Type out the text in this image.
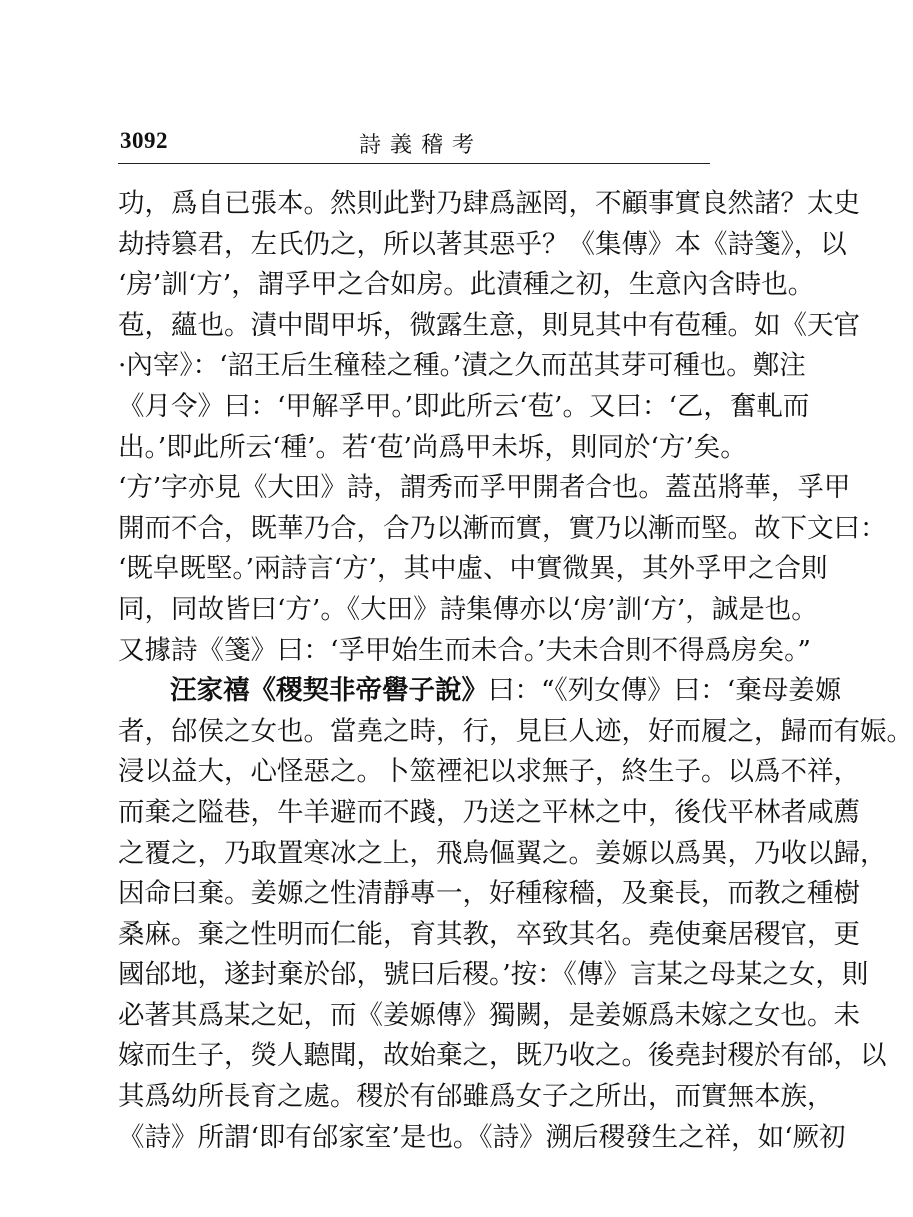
3092	詩義稽考
功，爲自已張本。然則此對乃肆爲誣罔，不顧事實良然諸？太史
劫持篡君，左氏仍之，所以著其惡乎？《集傳》本《詩箋》，以
‘房’訓‘方’，謂孚甲之合如房。此漬種之初，生意內含時也。
苞，蘊也。漬中間甲坼，微露生意，則見其中有苞種。如《天官
·內宰》：‘詔王后生穜稑之種。’漬之久而茁其芽可種也。鄭注
《月令》曰：‘甲解孚甲。’即此所云‘苞’。又曰：‘乙，奮軋而
出。’即此所云‘種’。若‘苞’尚爲甲未坼，則同於‘方’矣。
‘方’字亦見《大田》詩，謂秀而孚甲開者合也。蓋茁將華，孚甲
開而不合，既華乃合，合乃以漸而實，實乃以漸而堅。故下文曰：
‘既皁既堅。’兩詩言‘方’，其中虛、中實微異，其外孚甲之合則
同，同故皆曰‘方’。《大田》詩集傳亦以‘房’訓‘方’，誠是也。
又據詩《箋》曰：‘孚甲始生而未合。’夫未合則不得爲房矣。”
汪家禧《稷契非帝嚳子說》曰：“《列女傳》曰：‘棄母姜嫄
者，邰侯之女也。當堯之時，行，見巨人迹，好而履之，歸而有娠。
浸以益大，心怪惡之。卜筮禋祀以求無子，終生子。以爲不祥，
而棄之隘巷，牛羊避而不踐，乃送之平林之中，後伐平林者咸薦
之覆之，乃取置寒冰之上，飛鳥傴翼之。姜嫄以爲異，乃收以歸，
因命曰棄。姜嫄之性清靜專一，好種稼穡，及棄長，而教之種樹
桑麻。棄之性明而仁能，育其教，卒致其名。堯使棄居稷官，更
國邰地，遂封棄於邰，號曰后稷。’按：《傳》言某之母某之女，則
必著其爲某之妃，而《姜嫄傳》獨闕，是姜嫄爲未嫁之女也。未
嫁而生子，熒人聽聞，故始棄之，既乃收之。後堯封稷於有邰，以
其爲幼所長育之處。稷於有邰雖爲女子之所出，而實無本族，
《詩》所謂‘即有邰家室’是也。《詩》溯后稷發生之祥，如‘厥初
